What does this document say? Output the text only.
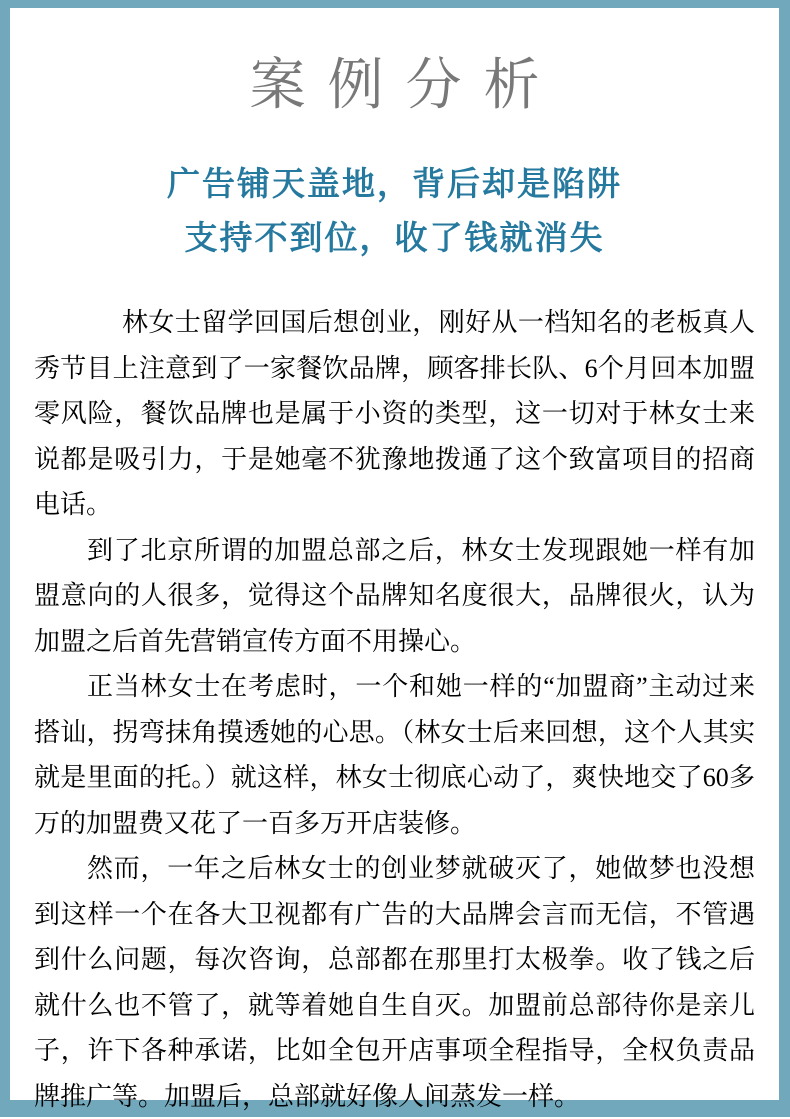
案例分析
广告铺天盖地，背后却是陷阱
支持不到位，收了钱就消失

林女士留学回国后想创业，刚好从一档知名的老板真人秀节目上注意到了一家餐饮品牌，顾客排长队、6个月回本加盟零风险，餐饮品牌也是属于小资的类型，这一切对于林女士来说都是吸引力，于是她毫不犹豫地拨通了这个致富项目的招商电话。

到了北京所谓的加盟总部之后，林女士发现跟她一样有加盟意向的人很多，觉得这个品牌知名度很大，品牌很火，认为加盟之后首先营销宣传方面不用操心。

正当林女士在考虑时，一个和她一样的“加盟商”主动过来搭讪，拐弯抹角摸透她的心思。（林女士后来回想，这个人其实就是里面的托。）就这样，林女士彻底心动了，爽快地交了60多万的加盟费又花了一百多万开店装修。

然而，一年之后林女士的创业梦就破灭了，她做梦也没想到这样一个在各大卫视都有广告的大品牌会言而无信，不管遇到什么问题，每次咨询，总部都在那里打太极拳。收了钱之后就什么也不管了，就等着她自生自灭。加盟前总部待你是亲儿子，许下各种承诺，比如全包开店事项全程指导，全权负责品牌推广等。加盟后，总部就好像人间蒸发一样。
